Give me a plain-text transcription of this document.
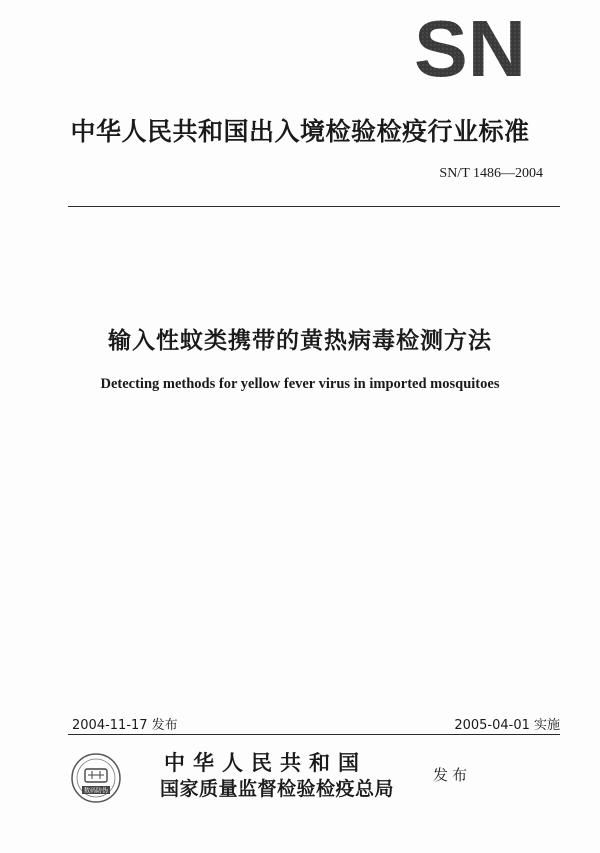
SN
中华人民共和国出入境检验检疫行业标准
SN/T 1486—2004
输入性蚊类携带的黄热病毒检测方法
Detecting methods for yellow fever virus in imported mosquitoes
2004-11-17 发布	2005-04-01 实施
数码防伪
中华人民共和国
国家质量监督检验检疫总局
发布
